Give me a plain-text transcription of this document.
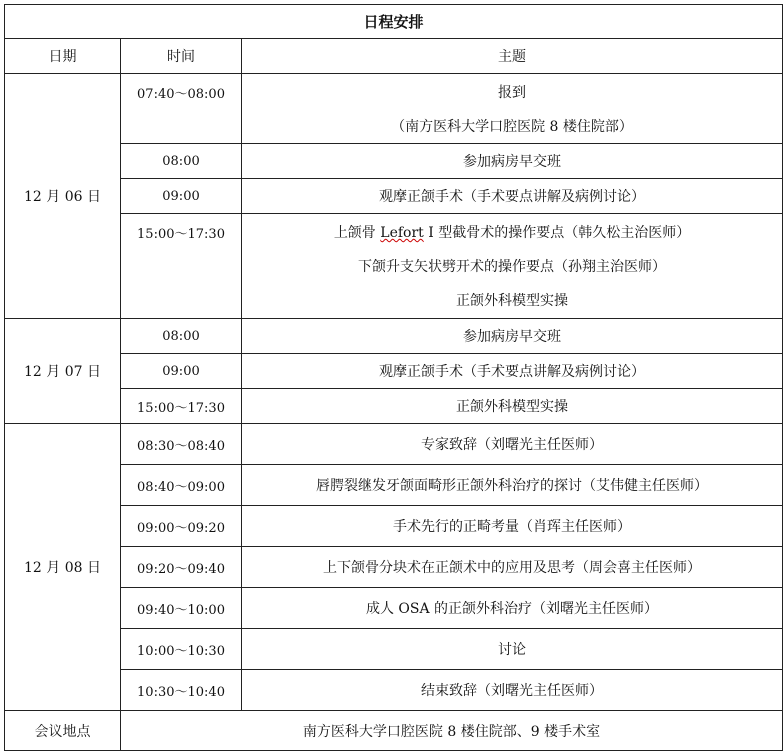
日程安排		
日期	时间	主题
12 月 06 日	07:40～08:00	报到
（南方医科大学口腔医院 8 楼住院部）

	08:00	参加病房早交班

	09:00	观摩正颌手术（手术要点讲解及病例讨论）

	15:00～17:30	上颌骨 Lefort I 型截骨术的操作要点（韩久松主治医师）
下颌升支矢状劈开术的操作要点（孙翔主治医师）
正颌外科模型实操

12 月 07 日	08:00	参加病房早交班

	09:00	观摩正颌手术（手术要点讲解及病例讨论）

	15:00～17:30	正颌外科模型实操

12 月 08 日	08:30～08:40	专家致辞（刘曙光主任医师）

	08:40～09:00	唇腭裂继发牙颌面畸形正颌外科治疗的探讨（艾伟健主任医师）

	09:00～09:20	手术先行的正畸考量（肖珲主任医师）

	09:20～09:40	上下颌骨分块术在正颌术中的应用及思考（周会喜主任医师）

	09:40～10:00	成人 OSA 的正颌外科治疗（刘曙光主任医师）

	10:00～10:30	讨论

	10:30～10:40	结束致辞（刘曙光主任医师）

会议地点	南方医科大学口腔医院 8 楼住院部、9 楼手术室	
